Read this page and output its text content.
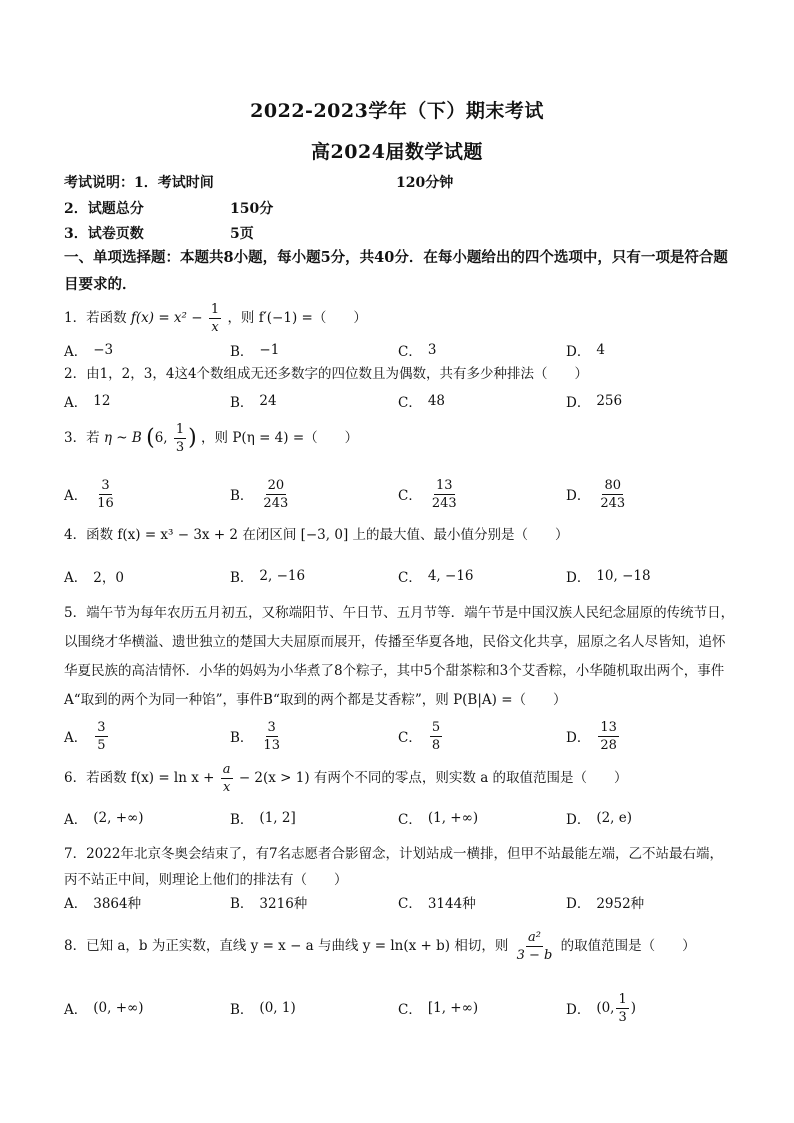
2022-2023学年（下）期末考试
高2024届数学试题
考试说明：1．考试时间	120分钟
2．试题总分	150分
3．试卷页数	5页
一、单项选择题：本题共8小题，每小题5分，共40分．在每小题给出的四个选项中，只有一项是符合题目要求的．
1．若函数 $f(x) = x^2 - \frac{1}{x}$ ，则 f′(−1) =（　　）
A． −3	B． −1	C． 3	D． 4
2．由1，2，3，4这4个数组成无还多数字的四位数且为偶数，共有多少种排法（　　）
A． 12	B． 24	C． 48	D． 256
3．若 η ~ B (6, $\frac{1}{3}$ ) ，则 P(η = 4) =（　　）
A． $\frac{3}{16}$	B． $\frac{20}{243}$	C． $\frac{13}{243}$	D． $\frac{80}{243}$
4．函数 f(x) = x³ − 3x + 2 在闭区间 [−3, 0] 上的最大值、最小值分别是（　　）
A． 2，0	B． 2, −16	C． 4, −16	D． 10, −18
5．端午节为每年农历五月初五，又称端阳节、午日节、五月节等．端午节是中国汉族人民纪念屈原的传统节日，以围绕才华横溢、遗世独立的楚国大夫屈原而展开，传播至华夏各地，民俗文化共享，屈原之名人尽皆知，追怀华夏民族的高洁情怀．小华的妈妈为小华煮了8个粽子，其中5个甜茶粽和3个艾香粽，小华随机取出两个，事件A“取到的两个为同一种馅”，事件B“取到的两个都是艾香粽”，则 P(B|A) =（　　）
A． $\frac{3}{5}$	B． $\frac{3}{13}$	C． $\frac{5}{8}$	D． $\frac{13}{28}$
6．若函数 $f(x) = \ln x + \frac{a}{x} - 2(x > 1)$ 有两个不同的零点，则实数 a 的取值范围是（　　）
A． (2, +∞)	B． (1, 2]	C． (1, +∞)	D． (2, e)
7．2022年北京冬奥会结束了，有7名志愿者合影留念，计划站成一横排，但甲不站最能左端，乙不站最右端，丙不站正中间，则理论上他们的排法有（　　）
A． 3864种	B． 3216种	C． 3144种	D． 2952种
8．已知 a，b 为正实数，直线 y = x − a 与曲线 y = ln(x + b) 相切，则 $\frac{\text{a²}}{3 - b}$ 的取值范围是（　　）
A． (0, +∞)	B． (0, 1)	C． [1, +∞)	D． (0, $\frac{1}{3}$ )
